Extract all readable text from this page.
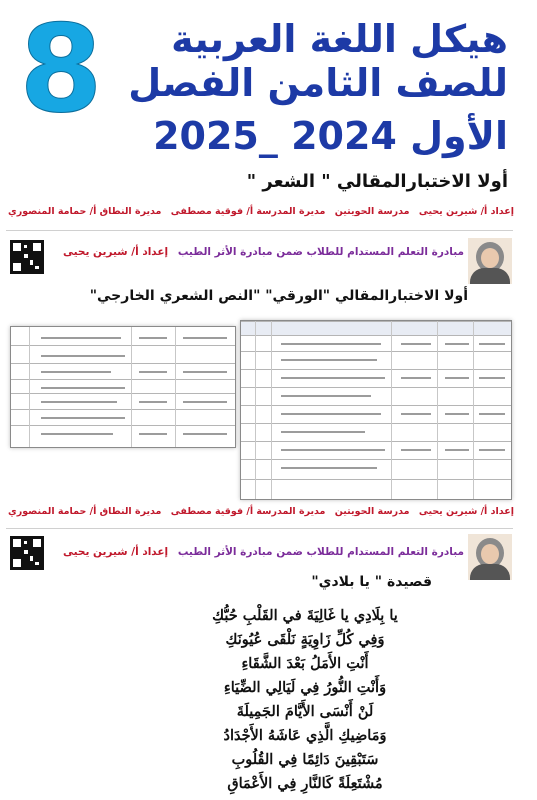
8	هيكل اللغة العربية
للصف الثامن الفصل
الأول 2024 _2025
أولا الاختبارالمقالي " الشعر "
إعداد أ/ شيرين يحيى
مدرسة الحويتين
مديرة المدرسة أ/ فوقية مصطفى
مديرة النطاق أ/ حمامة المنصوري
مبادرة التعلم المستدام للطلاب ضمن مبادرة الأثر الطيب إعداد أ/ شيرين يحيى
أولا الاختبارالمقالي "الورقي" "النص الشعري الخارجي"
إعداد أ/ شيرين يحيى
مدرسة الحويتين
مديرة المدرسة أ/ فوقية مصطفى
مديرة النطاق أ/ حمامة المنصوري
مبادرة التعلم المستدام للطلاب ضمن مبادرة الأثر الطيب إعداد أ/ شيرين يحيى
قصيدة " يا بلادي"
يا بِلَادِي يا غَالِيَةَ في القَلْبِ حُبُّكِ
وَفِي كُلِّ زَاوِيَةٍ نَلْقَى عُيُونَكِ
أَنْتِ الأَمَلُ بَعْدَ الشَّقَاءِ
وَأَنْتِ النُّورُ فِي لَيَالِي الضِّيَاءِ
لَنْ أَنْسَى الأَيَّامَ الجَمِيلَةَ
وَمَاضِيكِ الَّذِي عَاشَهُ الأَجْدَادُ
سَتَبْقِينَ دَائِمًا فِي القُلُوبِ
مُشْتَعِلَةً كَالنَّارِ فِي الأَعْمَاقِ
